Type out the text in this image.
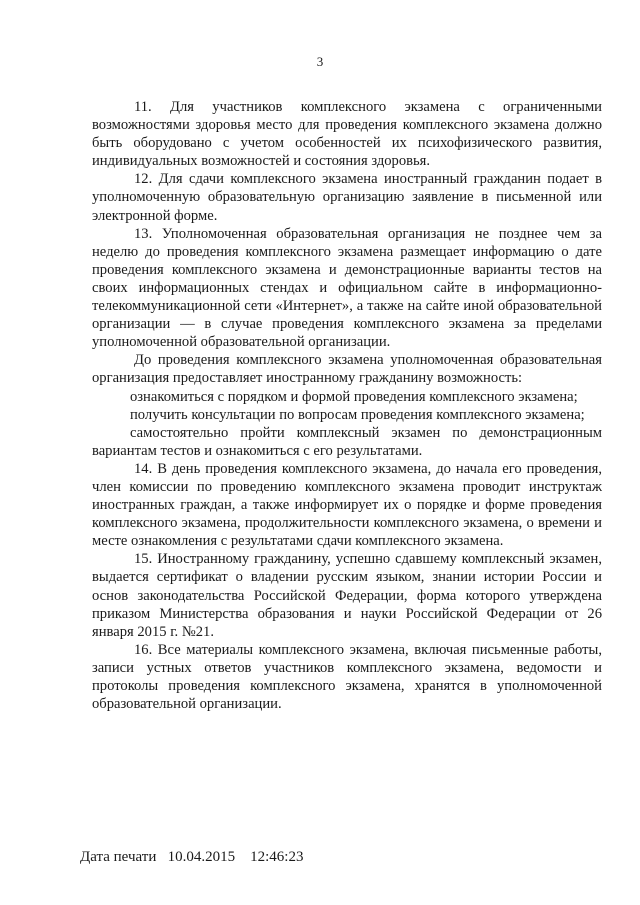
3

11. Для участников комплексного экзамена с ограниченными возможностями здоровья место для проведения комплексного экзамена должно быть оборудовано с учетом особенностей их психофизического развития, индивидуальных возможностей и состояния здоровья.

12. Для сдачи комплексного экзамена иностранный гражданин подает в уполномоченную образовательную организацию заявление в письменной или электронной форме.

13. Уполномоченная образовательная организация не позднее чем за неделю до проведения комплексного экзамена размещает информацию о дате проведения комплексного экзамена и демонстрационные варианты тестов на своих информационных стендах и официальном сайте в информационно-телекоммуникационной сети «Интернет», а также на сайте иной образовательной организации — в случае проведения комплексного экзамена за пределами уполномоченной образовательной организации.

До проведения комплексного экзамена уполномоченная образовательная организация предоставляет иностранному гражданину возможность:

ознакомиться с порядком и формой проведения комплексного экзамена;

получить консультации по вопросам проведения комплексного экзамена;

самостоятельно пройти комплексный экзамен по демонстрационным вариантам тестов и ознакомиться с его результатами.

14. В день проведения комплексного экзамена, до начала его проведения, член комиссии по проведению комплексного экзамена проводит инструктаж иностранных граждан, а также информирует их о порядке и форме проведения комплексного экзамена, продолжительности комплексного экзамена, о времени и месте ознакомления с результатами сдачи комплексного экзамена.

15. Иностранному гражданину, успешно сдавшему комплексный экзамен, выдается сертификат о владении русским языком, знании истории России и основ законодательства Российской Федерации, форма которого утверждена приказом Министерства образования и науки Российской Федерации от 26 января 2015 г. №21.

16. Все материалы комплексного экзамена, включая письменные работы, записи устных ответов участников комплексного экзамена, ведомости и протоколы проведения комплексного экзамена, хранятся в уполномоченной образовательной организации.

Дата печати 10.04.2015 12:46:23
